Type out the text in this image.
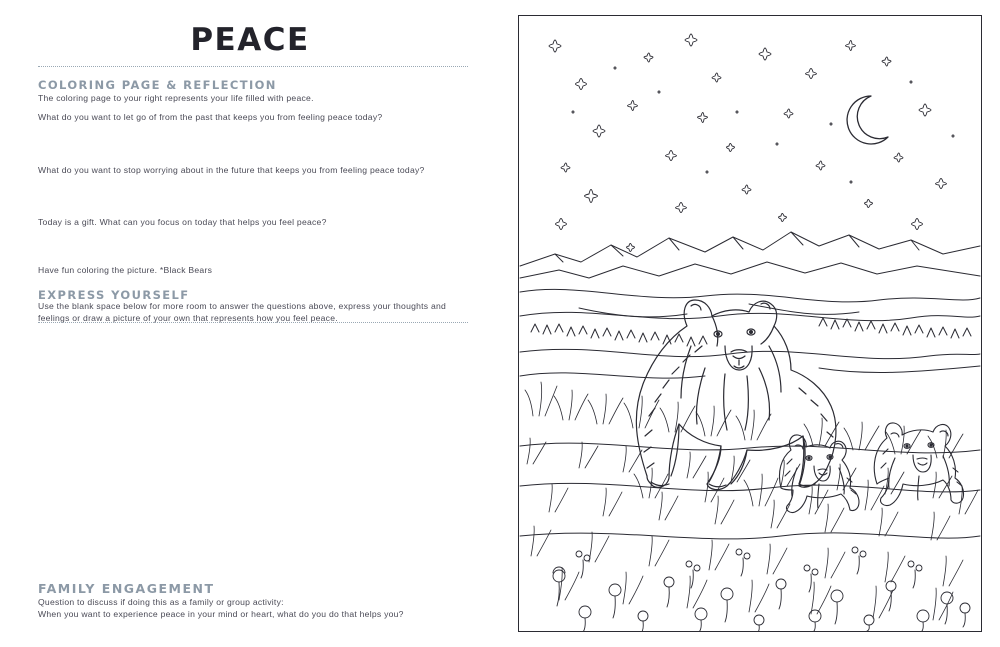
PEACE
COLORING PAGE & REFLECTION
The coloring page to your right represents your life filled with peace.
What do you want to let go of from the past that keeps you from feeling peace today?
What do you want to stop worrying about in the future that keeps you from feeling peace today?
Today is a gift. What can you focus on today that helps you feel peace?
Have fun coloring the picture. *Black Bears
EXPRESS YOURSELF
Use the blank space below for more room to answer the questions above, express your thoughts and feelings or draw a picture of your own that represents how you feel peace.
FAMILY ENGAGEMENT
Question to discuss if doing this as a family or group activity:
When you want to experience peace in your mind or heart, what do you do that helps you?
